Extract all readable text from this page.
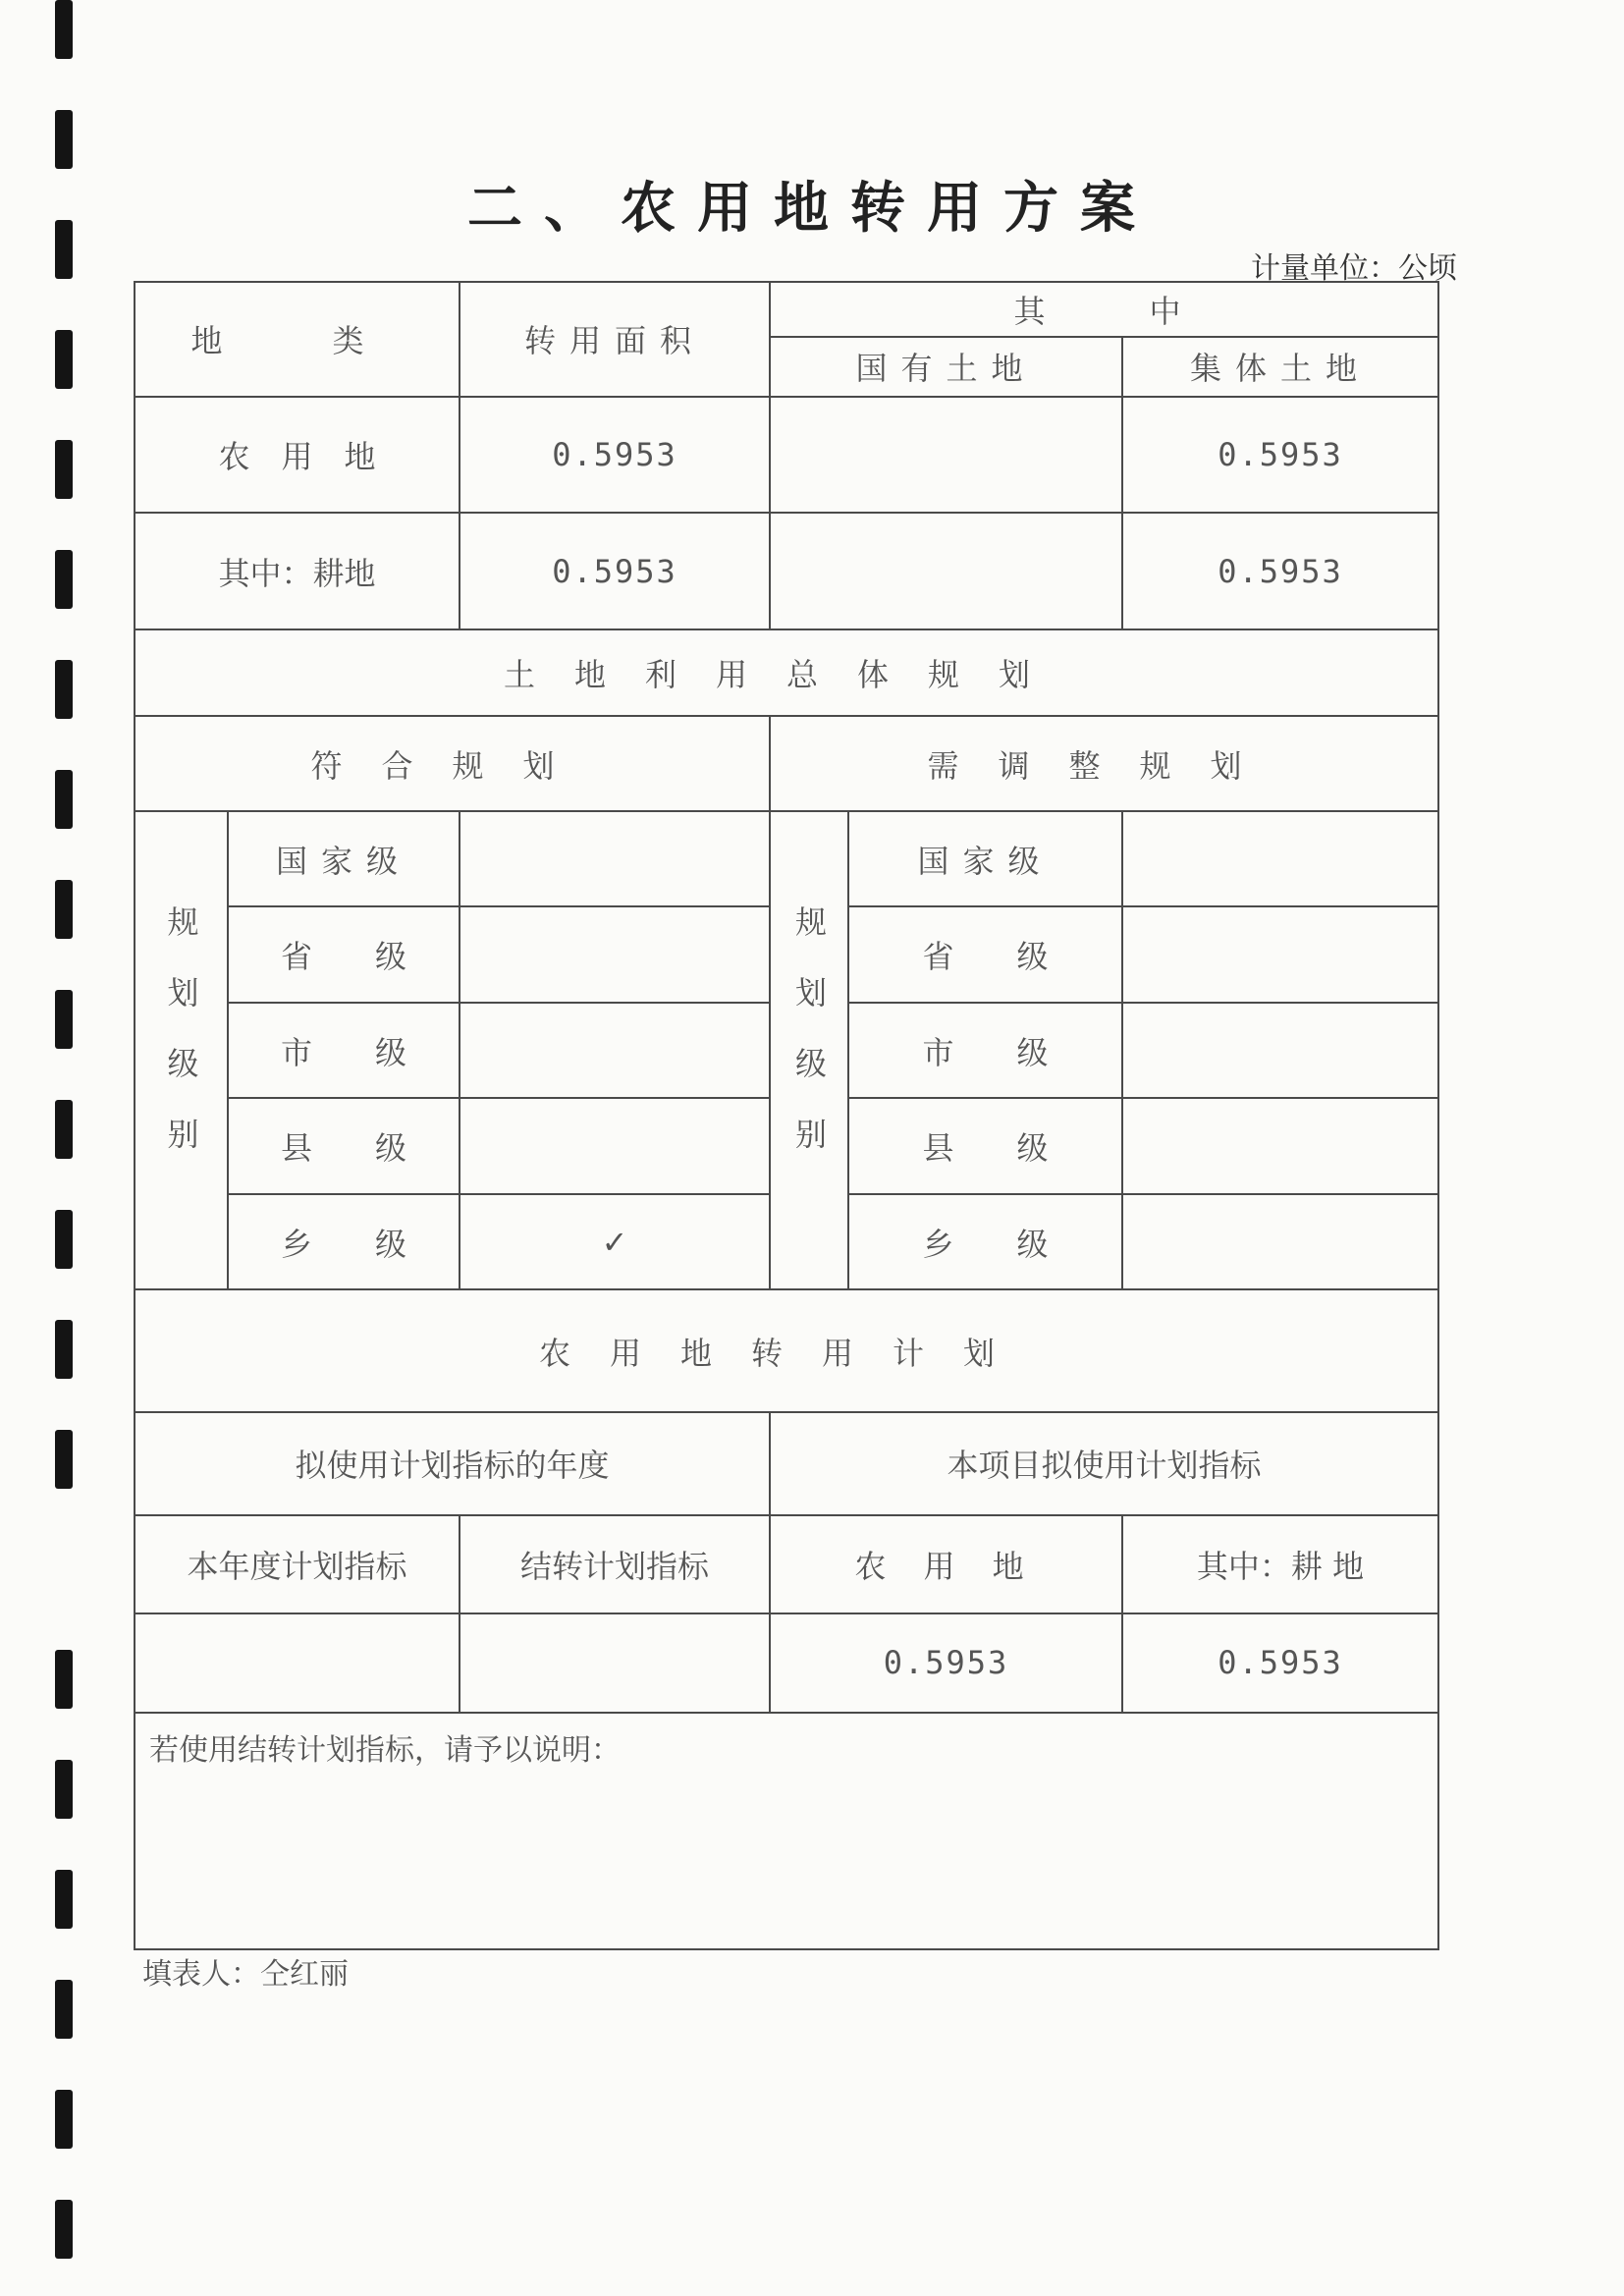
二、农用地转用方案
计量单位：公顷
地　类		转用面积	其　　中		
			国有土地		集体土地
农　用　地		0.5953			0.5953
其中：耕地		0.5953			0.5953
土地利用总体规划					
符合规划			需调整规划		
规划级别	国家级		规划级别	国家级	
	省　　级			省　　级	
	市　　级			市　　级	
	县　　级			县　　级	
	乡　　级	✓		乡　　级	
农用地转用计划					
拟使用计划指标的年度			本项目拟使用计划指标		
本年度计划指标		结转计划指标	农 用 地		其中：耕 地
			0.5953		0.5953
若使用结转计划指标，请予以说明：					
填表人：仝红丽
